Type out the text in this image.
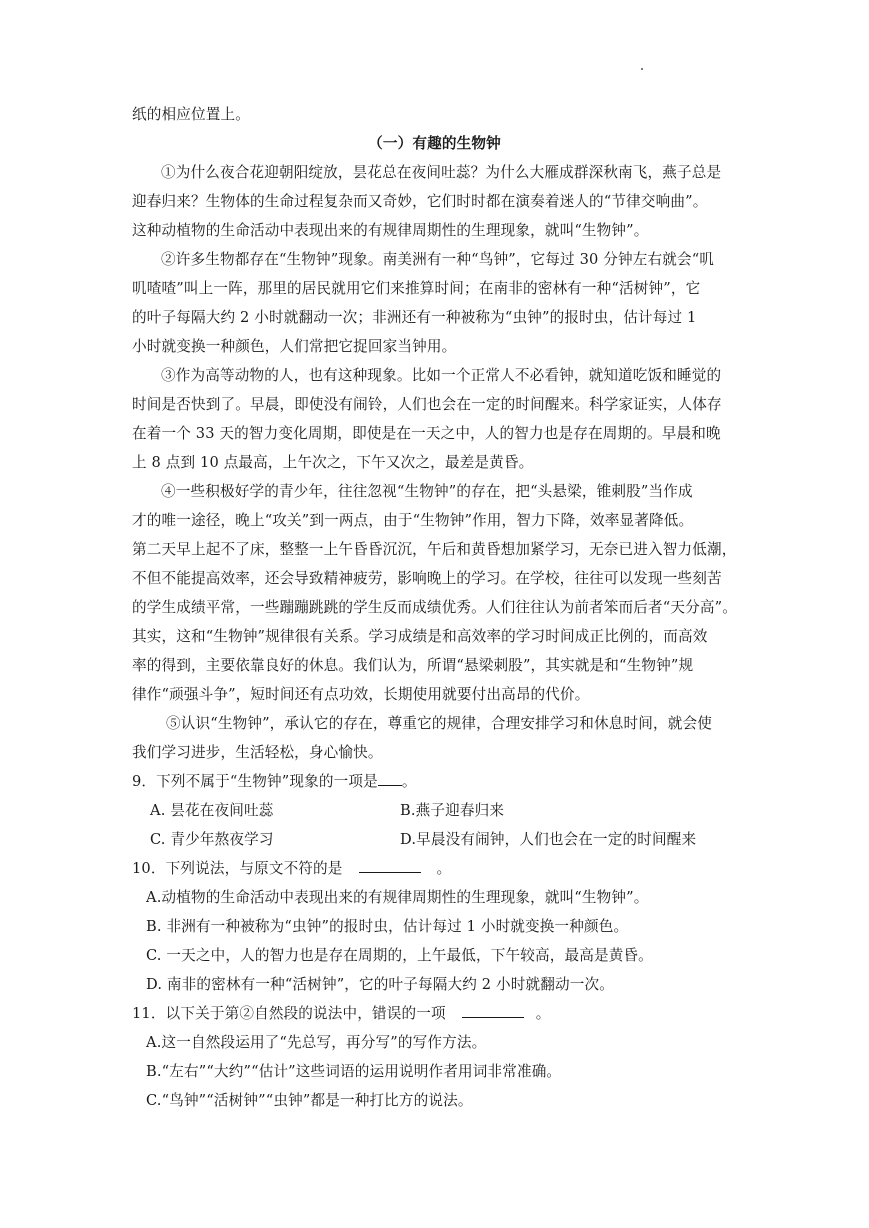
纸的相应位置上。
（一）有趣的生物钟
①为什么夜合花迎朝阳绽放，昙花总在夜间吐蕊？为什么大雁成群深秋南飞，燕子总是
迎春归来？生物体的生命过程复杂而又奇妙，它们时时都在演奏着迷人的“节律交响曲”。
这种动植物的生命活动中表现出来的有规律周期性的生理现象，就叫“生物钟”。
②许多生物都存在“生物钟”现象。南美洲有一种“鸟钟”，它每过 30 分钟左右就会“叽
叽喳喳”叫上一阵，那里的居民就用它们来推算时间；在南非的密林有一种“活树钟”，它
的叶子每隔大约 2 小时就翻动一次；非洲还有一种被称为“虫钟”的报时虫，估计每过 1
小时就变换一种颜色，人们常把它捉回家当钟用。
③作为高等动物的人，也有这种现象。比如一个正常人不必看钟，就知道吃饭和睡觉的
时间是否快到了。早晨，即使没有闹铃，人们也会在一定的时间醒来。科学家证实，人体存
在着一个 33 天的智力变化周期，即使是在一天之中，人的智力也是存在周期的。早晨和晚
上 8 点到 10 点最高，上午次之，下午又次之，最差是黄昏。
④一些积极好学的青少年，往往忽视“生物钟”的存在，把“头悬梁，锥刺股”当作成
才的唯一途径，晚上“攻关”到一两点，由于“生物钟”作用，智力下降，效率显著降低。
第二天早上起不了床，整整一上午昏昏沉沉，午后和黄昏想加紧学习，无奈已进入智力低潮，
不但不能提高效率，还会导致精神疲劳，影响晚上的学习。在学校，往往可以发现一些刻苦
的学生成绩平常，一些蹦蹦跳跳的学生反而成绩优秀。人们往往认为前者笨而后者“天分高”。
其实，这和“生物钟”规律很有关系。学习成绩是和高效率的学习时间成正比例的，而高效
率的得到，主要依靠良好的休息。我们认为，所谓“悬梁刺股”，其实就是和“生物钟”规
律作“顽强斗争”，短时间还有点功效，长期使用就要付出高昂的代价。
⑤认识“生物钟”，承认它的存在，尊重它的规律，合理安排学习和休息时间，就会使
我们学习进步，生活轻松，身心愉快。
9．下列不属于“生物钟”现象的一项是 。
A. 昙花在夜间吐蕊	B.燕子迎春归来
C. 青少年熬夜学习	D.早晨没有闹钟，人们也会在一定的时间醒来
10．下列说法，与原文不符的是	。
A.动植物的生命活动中表现出来的有规律周期性的生理现象，就叫“生物钟”。
B. 非洲有一种被称为“虫钟”的报时虫，估计每过 1 小时就变换一种颜色。
C. 一天之中，人的智力也是存在周期的，上午最低，下午较高，最高是黄昏。
D. 南非的密林有一种“活树钟”，它的叶子每隔大约 2 小时就翻动一次。
11．以下关于第②自然段的说法中，错误的一项	。
A.这一自然段运用了“先总写，再分写”的写作方法。
B.“左右”“大约”“估计”这些词语的运用说明作者用词非常准确。
C.“鸟钟”“活树钟”“虫钟”都是一种打比方的说法。
